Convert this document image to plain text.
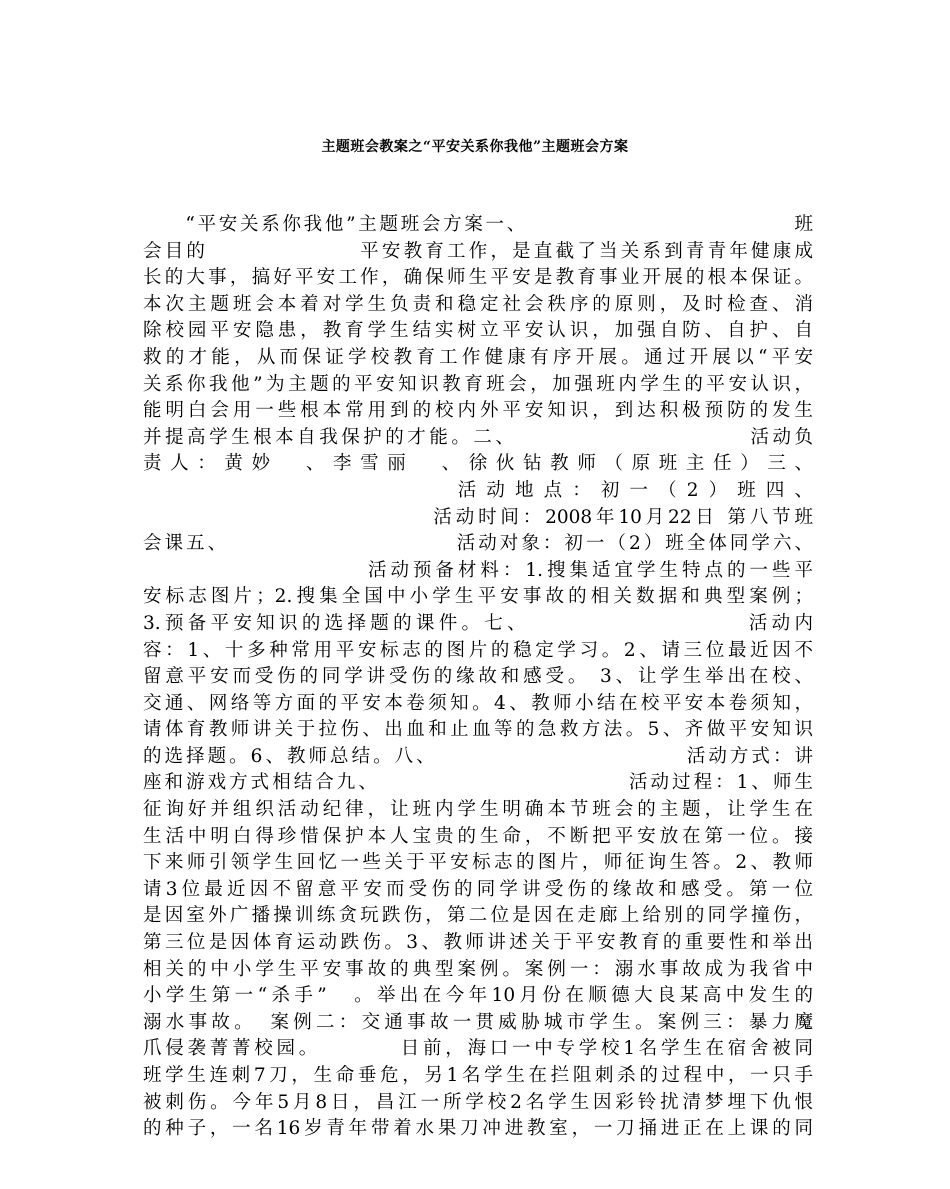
主题班会教案之“平安关系你我他”主题班会方案
　　“平安关系你我他”主题班会方案一、　　　　　　　　　　　　　班
会目的　　　　　　　平安教育工作，是直截了当关系到青青年健康成
长的大事，搞好平安工作，确保师生平安是教育事业开展的根本保证。
本次主题班会本着对学生负责和稳定社会秩序的原则，及时检查、消
除校园平安隐患，教育学生结实树立平安认识，加强自防、自护、自
救的才能，从而保证学校教育工作健康有序开展。通过开展以“平安
关系你我他”为主题的平安知识教育班会，加强班内学生的平安认识，
能明白会用一些根本常用到的校内外平安知识，到达积极预防的发生
并提高学生根本自我保护的才能。二、　　　　　　　　　　　活动负
责人：黄妙　、李雪丽　、徐伙钻教师（原班主任）三、
　　　　　　　　　　　活动地点：初一（2）班四、
　　　　　　　　　　　　　活动时间：2008年10月22日 第八节班
会课五、　　　　　　　　　　　活动对象：初一（2）班全体同学六、
　　　　　　　　　　活动预备材料：1.搜集适宜学生特点的一些平
安标志图片；2.搜集全国中小学生平安事故的相关数据和典型案例；
3.预备平安知识的选择题的课件。七、　　　　　　　　　　活动内
容：1、十多种常用平安标志的图片的稳定学习。2、请三位最近因不
留意平安而受伤的同学讲受伤的缘故和感受。 3、让学生举出在校、
交通、网络等方面的平安本卷须知。4、教师小结在校平安本卷须知，
请体育教师讲关于拉伤、出血和止血等的急救方法。5、齐做平安知识
的选择题。6、教师总结。八、　　　　　　　　　　　　活动方式：讲
座和游戏方式相结合九、　　　　　　　　　　　　活动过程：1、师生
征询好并组织活动纪律，让班内学生明确本节班会的主题，让学生在
生活中明白得珍惜保护本人宝贵的生命，不断把平安放在第一位。接
下来师引领学生回忆一些关于平安标志的图片，师征询生答。2、教师
请3位最近因不留意平安而受伤的同学讲受伤的缘故和感受。第一位
是因室外广播操训练贪玩跌伤，第二位是因在走廊上给别的同学撞伤，
第三位是因体育运动跌伤。3、教师讲述关于平安教育的重要性和举出
相关的中小学生平安事故的典型案例。案例一：溺水事故成为我省中
小学生第一“杀手”　。举出在今年10月份在顺德大良某高中发生的
溺水事故。　案例二：交通事故一贯威胁城市学生。案例三：暴力魔
爪侵袭菁菁校园。　　　　日前，海口一中专学校1名学生在宿舍被同
班学生连刺7刀，生命垂危，另1名学生在拦阻刺杀的过程中，一只手
被刺伤。今年5月8日，昌江一所学校2名学生因彩铃扰清梦埋下仇恨
的种子，一名16岁青年带着水果刀冲进教室，一刀捅进正在上课的同
